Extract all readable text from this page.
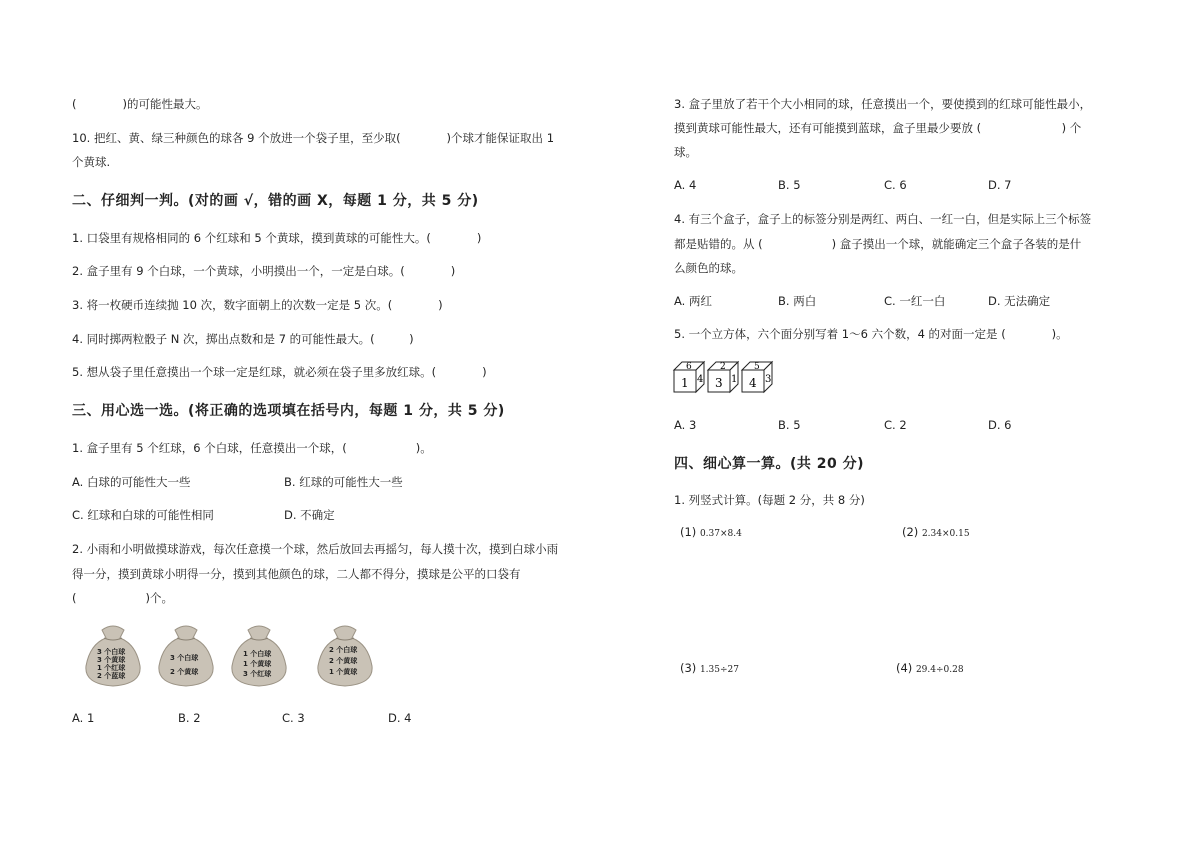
(　　　　)的可能性最大。
10. 把红、黄、绿三种颜色的球各 9 个放进一个袋子里，至少取(　　　　)个球才能保证取出 1
个黄球.
二、仔细判一判。(对的画 √，错的画 X，每题 1 分，共 5 分)
1. 口袋里有规格相同的 6 个红球和 5 个黄球，摸到黄球的可能性大。(　　　　)
2. 盒子里有 9 个白球，一个黄球，小明摸出一个，一定是白球。(　　　　)
3. 将一枚硬币连续抛 10 次，数字面朝上的次数一定是 5 次。(　　　　)
4. 同时掷两粒骰子 N 次，掷出点数和是 7 的可能性最大。(　　　)
5. 想从袋子里任意摸出一个球一定是红球，就必须在袋子里多放红球。(　　　　)
三、用心选一选。(将正确的选项填在括号内，每题 1 分，共 5 分)
1. 盒子里有 5 个红球，6 个白球，任意摸出一个球，(　　　　　　)。
A. 白球的可能性大一些	B. 红球的可能性大一些
C. 红球和白球的可能性相同	D. 不确定
2. 小雨和小明做摸球游戏，每次任意摸一个球，然后放回去再摇匀，每人摸十次，摸到白球小雨
得一分，摸到黄球小明得一分，摸到其他颜色的球，二人都不得分，摸球是公平的口袋有
(　　　　　　)个。
3 个白球
3 个黄球
1 个红球
2 个蓝球
3 个白球
2 个黄球
1 个白球
1 个黄球
3 个红球
2 个白球
2 个黄球
1 个黄球
A. 1	B. 2	C. 3	D. 4
3. 盒子里放了若干个大小相同的球，任意摸出一个，要使摸到的红球可能性最小，
摸到黄球可能性最大，还有可能摸到蓝球，盒子里最少要放 (　　　　　　　) 个
球。
A. 4	B. 5	C. 6	D. 7
4. 有三个盒子，盒子上的标签分别是两红、两白、一红一白，但是实际上三个标签
都是贴错的。从 (　　　　　　) 盒子摸出一个球，就能确定三个盒子各装的是什
么颜色的球。
A. 两红	B. 两白	C. 一红一白	D. 无法确定
5. 一个立方体，六个面分别写着 1～6 六个数，4 的对面一定是 (　　　　)。
6
1 4
2
3 1
5
4 3
A. 3	B. 5	C. 2	D. 6
四、细心算一算。(共 20 分)
1. 列竖式计算。(每题 2 分，共 8 分)
(1) 0.37×8.4	(2) 2.34×0.15
(3) 1.35÷27	(4) 29.4÷0.28
